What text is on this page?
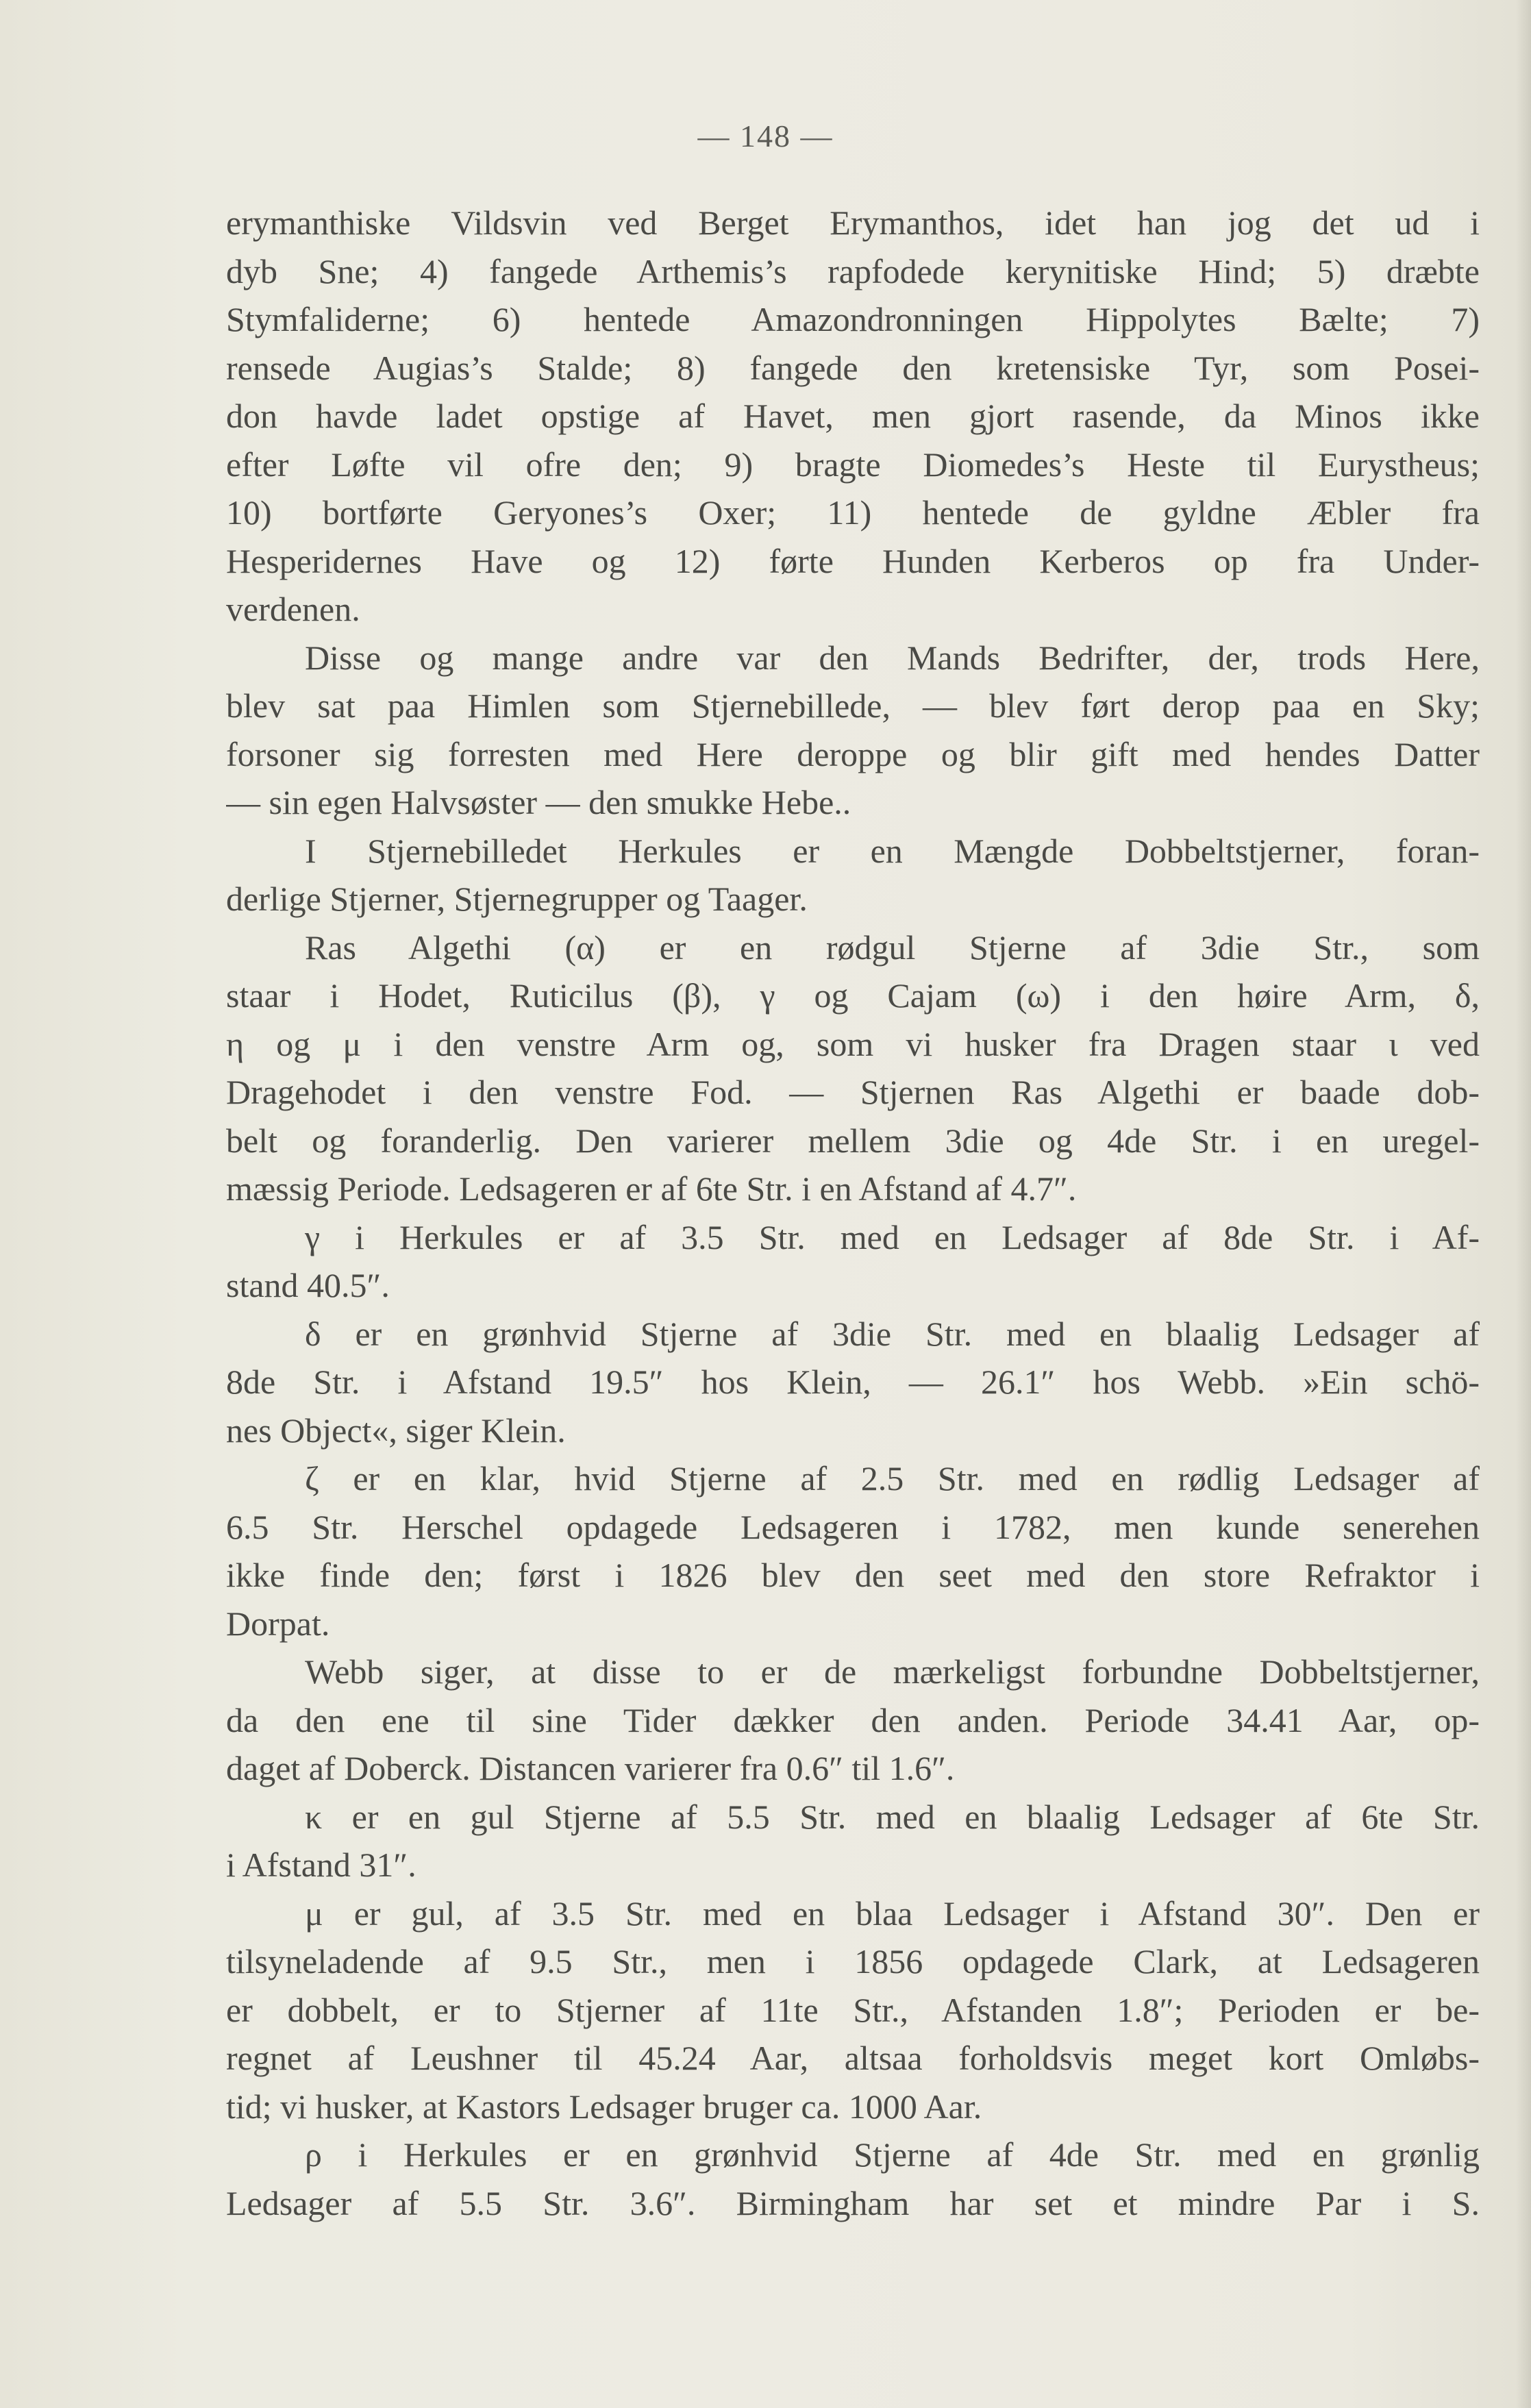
— 148 —
erymanthiske Vildsvin ved Berget Erymanthos, idet han jog det ud i
dyb Sne; 4) fangede Arthemis’s rapfodede kerynitiske Hind; 5) dræbte
Stymfaliderne; 6) hentede Amazondronningen Hippolytes Bælte; 7)
rensede Augias’s Stalde; 8) fangede den kretensiske Tyr, som Posei-
don havde ladet opstige af Havet, men gjort rasende, da Minos ikke
efter Løfte vil ofre den; 9) bragte Diomedes’s Heste til Eurystheus;
10) bortførte Geryones’s Oxer; 11) hentede de gyldne Æbler fra
Hesperidernes Have og 12) førte Hunden Kerberos op fra Under-
verdenen.
Disse og mange andre var den Mands Bedrifter, der, trods Here,
blev sat paa Himlen som Stjernebillede, — blev ført derop paa en Sky;
forsoner sig forresten med Here deroppe og blir gift med hendes Datter
— sin egen Halvsøster — den smukke Hebe..
I Stjernebilledet Herkules er en Mængde Dobbeltstjerner, foran-
derlige Stjerner, Stjernegrupper og Taager.
Ras Algethi (α) er en rødgul Stjerne af 3die Str., som
staar i Hodet, Ruticilus (β), γ og Cajam (ω) i den høire Arm, δ,
η og μ i den venstre Arm og, som vi husker fra Dragen staar ι ved
Dragehodet i den venstre Fod. — Stjernen Ras Algethi er baade dob-
belt og foranderlig. Den varierer mellem 3die og 4de Str. i en uregel-
mæssig Periode. Ledsageren er af 6te Str. i en Afstand af 4.7″.
γ i Herkules er af 3.5 Str. med en Ledsager af 8de Str. i Af-
stand 40.5″.
δ er en grønhvid Stjerne af 3die Str. med en blaalig Ledsager af
8de Str. i Afstand 19.5″ hos Klein, — 26.1″ hos Webb. »Ein schö-
nes Object«, siger Klein.
ζ er en klar, hvid Stjerne af 2.5 Str. med en rødlig Ledsager af
6.5 Str. Herschel opdagede Ledsageren i 1782, men kunde senerehen
ikke finde den; først i 1826 blev den seet med den store Refraktor i
Dorpat.
Webb siger, at disse to er de mærkeligst forbundne Dobbeltstjerner,
da den ene til sine Tider dækker den anden. Periode 34.41 Aar, op-
daget af Doberck. Distancen varierer fra 0.6″ til 1.6″.
κ er en gul Stjerne af 5.5 Str. med en blaalig Ledsager af 6te Str.
i Afstand 31″.
μ er gul, af 3.5 Str. med en blaa Ledsager i Afstand 30″. Den er
tilsyneladende af 9.5 Str., men i 1856 opdagede Clark, at Ledsageren
er dobbelt, er to Stjerner af 11te Str., Afstanden 1.8″; Perioden er be-
regnet af Leushner til 45.24 Aar, altsaa forholdsvis meget kort Omløbs-
tid; vi husker, at Kastors Ledsager bruger ca. 1000 Aar.
ρ i Herkules er en grønhvid Stjerne af 4de Str. med en grønlig
Ledsager af 5.5 Str. 3.6″. Birmingham har set et mindre Par i S.
